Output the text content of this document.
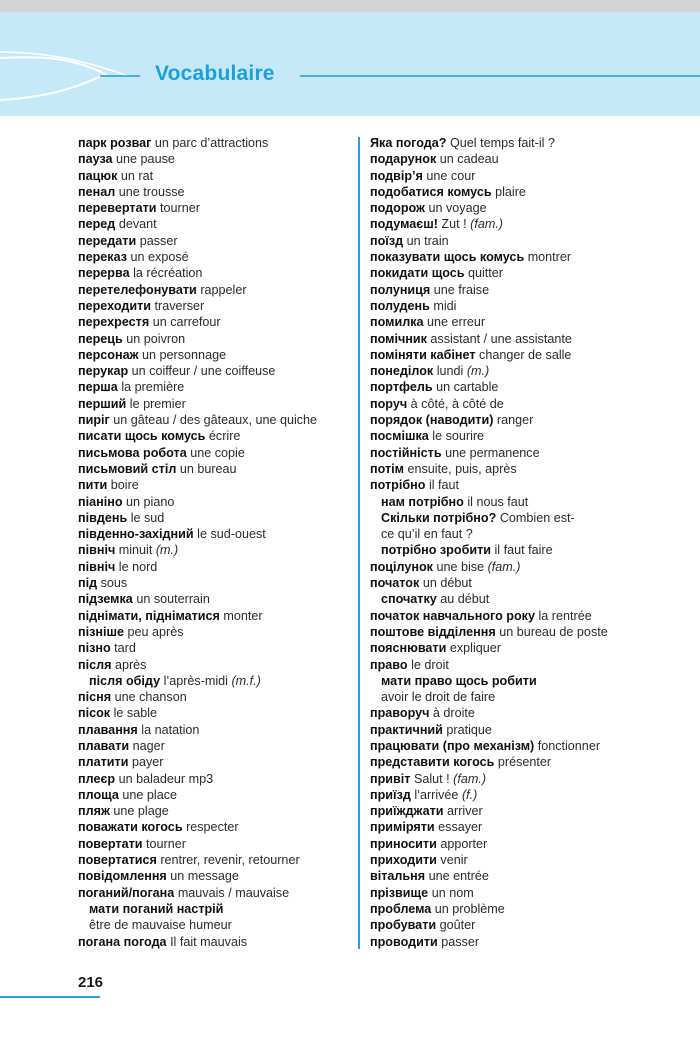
Vocabulaire
парк розваг un parc d’attractions
пауза une pause
пацюк un rat
пенал une trousse
перевертати tourner
перед devant
передати passer
переказ un exposé
перерва la récréation
перетелефонувати rappeler
переходити traverser
перехрестя un carrefour
перець un poivron
персонаж un personnage
перукар un coiffeur / une coiffeuse
перша la première
перший le premier
пиріг un gâteau / des gâteaux, une quiche
писати щось комусь écrire
письмова робота une copie
письмовий стіл un bureau
пити boire
піаніно un piano
південь le sud
південно-західний le sud-ouest
північ minuit (m.)
північ le nord
під sous
підземка un souterrain
піднімати, підніматися monter
пізніше peu après
пізно tard
після après
після обіду l’après-midi (m.f.)
пісня une chanson
пісок le sable
плавання la natation
плавати nager
платити payer
плеєр un baladeur mp3
площа une place
пляж une plage
поважати когось respecter
повертати tourner
повертатися rentrer, revenir, retourner
повідомлення un message
поганий/погана mauvais / mauvaise
мати поганий настрій
être de mauvaise humeur
погана погода Il fait mauvais
Яка погода? Quel temps fait-il ?
подарунок un cadeau
подвір’я une cour
подобатися комусь plaire
подорож un voyage
подумаєш! Zut ! (fam.)
поїзд un train
показувати щось комусь montrer
покидати щось quitter
полуниця une fraise
полудень midi
помилка une erreur
помічник assistant / une assistante
поміняти кабінет changer de salle
понеділок lundi (m.)
портфель un cartable
поруч à côté, à côté de
порядок (наводити) ranger
посмішка le sourire
постійність une permanence
потім ensuite, puis, après
потрібно il faut
нам потрібно il nous faut
Скільки потрібно? Combien est-
ce qu’il en faut ?
потрібно зробити il faut faire
поцілунок une bise (fam.)
початок un début
спочатку au début
початок навчального року la rentrée
поштове відділення un bureau de poste
пояснювати expliquer
право le droit
мати право щось робити
avoir le droit de faire
праворуч à droite
практичний pratique
працювати (про механізм) fonctionner
представити когось présenter
привіт Salut ! (fam.)
приїзд l’arrivée (f.)
приїжджати arriver
приміряти essayer
приносити apporter
приходити venir
вітальня une entrée
прізвище un nom
проблема un problème
пробувати goûter
проводити passer

216
